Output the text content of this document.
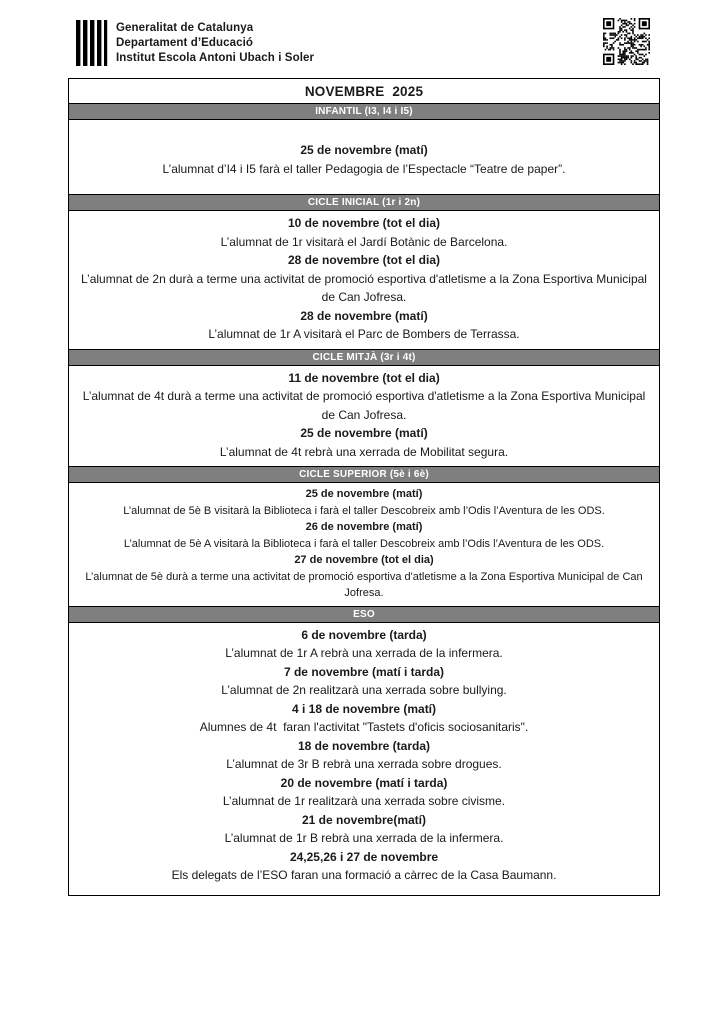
Generalitat de Catalunya
Departament d’Educació
Institut Escola Antoni Ubach i Soler
NOVEMBRE  2025
INFANTIL (I3, I4 i I5)
25 de novembre (matí)
L’alumnat d’I4 i I5 farà el taller Pedagogia de l’Espectacle “Teatre de paper”.
CICLE INICIAL (1r i 2n)
10 de novembre (tot el dia)
L’alumnat de 1r visitarà el Jardí Botànic de Barcelona.
28 de novembre (tot el dia)
L’alumnat de 2n durà a terme una activitat de promoció esportiva d'atletisme a la Zona Esportiva Municipal de Can Jofresa.
28 de novembre (matí)
L’alumnat de 1r A visitarà el Parc de Bombers de Terrassa.
CICLE MITJÀ (3r i 4t)
11 de novembre (tot el dia)
L’alumnat de 4t durà a terme una activitat de promoció esportiva d'atletisme a la Zona Esportiva Municipal de Can Jofresa.
25 de novembre (matí)
L’alumnat de 4t rebrà una xerrada de Mobilitat segura.
CICLE SUPERIOR (5è i 6è)
25 de novembre (matí)
L’alumnat de 5è B visitarà la Biblioteca i farà el taller Descobreix amb l’Odis l’Aventura de les ODS.
26 de novembre (matí)
L’alumnat de 5è A visitarà la Biblioteca i farà el taller Descobreix amb l’Odis l’Aventura de les ODS.
27 de novembre (tot el dia)
L’alumnat de 5è durà a terme una activitat de promoció esportiva d'atletisme a la Zona Esportiva Municipal de Can Jofresa.
ESO
6 de novembre (tarda)
L’alumnat de 1r A rebrà una xerrada de la infermera.
7 de novembre (matí i tarda)
L’alumnat de 2n realitzarà una xerrada sobre bullying.
4 i 18 de novembre (matí)
Alumnes de 4t  faran l'activitat "Tastets d'oficis sociosanitaris".
18 de novembre (tarda)
L’alumnat de 3r B rebrà una xerrada sobre drogues.
20 de novembre (matí i tarda)
L’alumnat de 1r realitzarà una xerrada sobre civisme.
21 de novembre(matí)
L’alumnat de 1r B rebrà una xerrada de la infermera.
24,25,26 i 27 de novembre
Els delegats de l’ESO faran una formació a càrrec de la Casa Baumann.
